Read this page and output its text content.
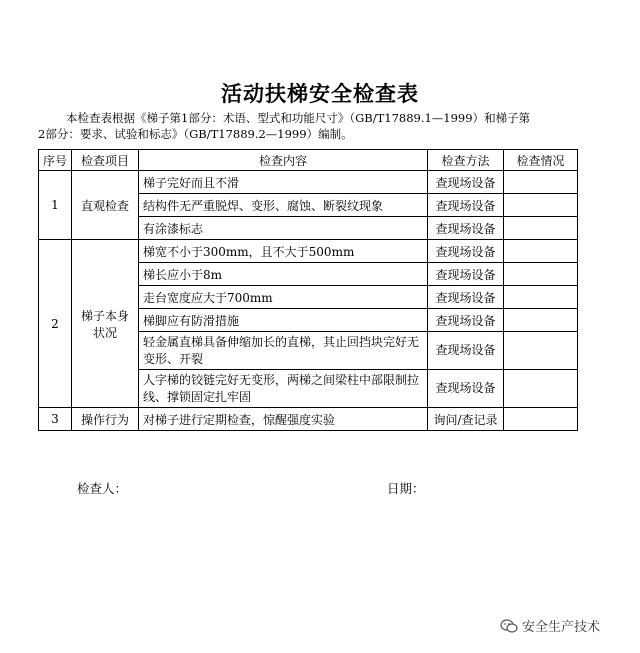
活动扶梯安全检查表
本检查表根据《梯子第1部分：术语、型式和功能尺寸》（GB/T17889.1—1999）和梯子第
2部分：要求、试验和标志》（GB/T17889.2—1999）编制。
序号	检查项目	检查内容	检查方法	检查情况
1	直观检查	梯子完好而且不滑	查现场设备	
		结构件无严重脱焊、变形、腐蚀、断裂纹现象	查现场设备	
		有涂漆标志	查现场设备	
2	梯子本身状况	梯宽不小于300mm，且不大于500mm	查现场设备	
		梯长应小于8m	查现场设备	
		走台宽度应大于700mm	查现场设备	
		梯脚应有防滑措施	查现场设备	
		轻金属直梯具备伸缩加长的直梯，其止回挡块完好无变形、开裂	查现场设备	
		人字梯的铰链完好无变形，两梯之间梁柱中部限制拉线、撑锁固定扎牢固	查现场设备	
3	操作行为	对梯子进行定期检查，惊醒强度实验	询问/查记录	
检查人：	日期：
安全生产技术
